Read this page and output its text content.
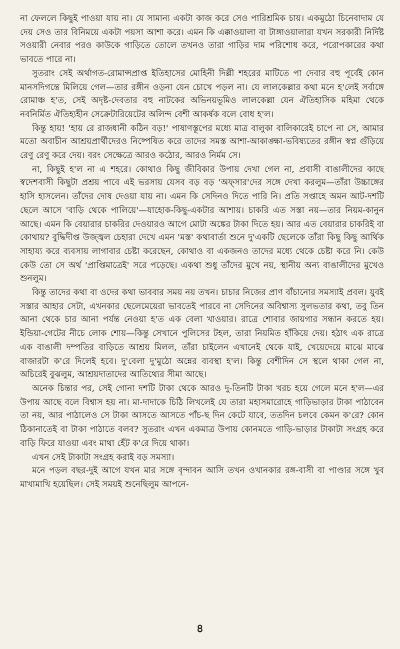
না ফেললে কিছুই পাওয়া যায় না। যে সামান্য একটা কাজ করে সেও পারিশ্রমিক চায়। একমুঠো চিনেবাদাম যে দেয় সেও তার বিনিময়ে একটা পয়সা আশা করে। এমন কি এক্কাওয়ালা বা টাঙ্গাওয়ালারা যখন সরকারী নির্দিষ্ট সওয়ারী নেবার পরও কাউকে গাড়িতে তোলে তখনও তারা গাড়ির দাম পরিশোধ করে, পরোপকারের কথা ভাবতে পারে না।

সুতরাং সেই অর্থাগত-রোমান্সপ্রাপ্ত ইতিহাসের মোহিনী দিল্লী শহরের মাটিতে পা দেবার বহু পূর্বেই কোন মানসদিগন্তে মিলিয়ে গেল—তার রঙ্গীন ওড়না যেন চোখে পড়ল না। যে লালকেল্লার কথা মনে হ'লেই সর্বাঙ্গে রোমাঞ্চ হ'ত, সেই অদৃষ্ট-দেবতার বহু নাটকের অভিনয়ভূমিও লালকেল্লা যেন ঐতিহাসিক মহিমা থেকে নবনির্মিত ঐতিহ্যহীন সেক্রেটারিয়েটের অলিন্দ বেশী আকর্ষক বলে বোধ হ'ল।

কিন্তু হায়! 'হায় রে রাজধানী কঠিন বড়!' পাষাণস্তূপের মধ্যে মাত্র বালুকা বালিকারেই চাপে না সে, আমার মতো অবাচীন আশ্রয়প্রার্থীদেরও নিষ্পেষিত করে তাদের সমস্ত আশা-আকাঙ্ক্ষা-ভবিষ্যতের রঙ্গীন স্বপ্ন গুঁড়িয়ে রেণু রেণু করে দেয়। বরং সেক্ষেত্রে আরও কঠোর, আরও নির্মম সে।

না, কিছুই হ'ল না এ শহরে। কোথাও কিছু জীবিকার উপায় দেখা গেল না, প্রবাসী বাঙালীদের কাছে স্বদেশবাসী কিছুটা প্রশ্রয় পাবে এই ভরসায় যেসব বড় বড় 'অফ্‌সার'দের সঙ্গে দেখা করলুম—তাঁরা উচ্চাঙ্গের হাসি হাসলেন। তাঁদের দোষ দেওয়া যায় না। এমন কি সেদিনও দিতে পারি নি। প্রতি সপ্তাহে অমন আট-দশটি ছেলে আসে 'বাড়ি থেকে পালিয়ে'—যাহোক-কিছু-একটার আশায়। চাকরি এত সস্তা নয়—তার নিয়ম-কানুন আছে। এমন কি বেয়ারার চাকরির দেওয়ারও আগে মোটা অঙ্কের টাকা দিতে হয়। আর এত বেয়ারার চাকরিই বা কোথায়? বুদ্ধিদীপ্ত উজ্জ্বল চেহারা দেখে এমন 'মস্ত' কথাবার্তা শুনে দু'একটি ছেলেকে তাঁরা কিছু কিছু আর্থিক সাহায্য করে ব্যবসায় লাগাবার চেষ্টা করেছেন, কোথাও বা একজনও তাদের মধ্যে থেকে চেষ্টা করে নি। কেউ কেউ তো সে অর্থ 'প্রাপ্তিমাত্রেই' সরে পড়েছে। একথা শুধু তাঁদের মুখে নয়, স্থানীয় অন্য বাঙালীদের মুখেও শুনলুম।

কিন্তু তাদের কথা বা ওদের কথা ভাববার সময় নয় তখন। চাচার নিজের প্রাণ বাঁচানোর সমস্যাই প্রবল। যুবই সস্তার আহার সেটা, এখনকার ছেলেমেয়েরা ভাবতেই পারবে না সেদিনের অবিশ্বাস্য সুলভতার কথা, তবু তিন আনা থেকে চার আনা পর্যন্ত নেওয়া হ'ত এক বেলা খাওয়ার। রাত্রে শোবার জায়গার সন্ধান করতে হয়। ইন্ডিয়া-গেটের নীচে লোক শোয়—কিন্তু সেখানে পুলিসের টহল, তারা নিয়মিত হাঁকিয়ে দেয়। হঠাৎ এক রাত্রে এক বাঙালী দম্পতির বাড়িতে আশ্রয় মিলল, তাঁরা চাইলেন এখানেই থেকে যাই, খেয়েদেয়ে মাঝে মাঝে বাজারটা ক'রে দিলেই হবে। দু'বেলা দু'মুঠো অন্নের ব্যবস্থা হ'ল। কিন্তু বেশীদিন সে স্থলে থাকা গেল না, অচিরেই বুঝলুম, আশ্রয়দাতাদের আতিথ্যের সীমা আছে।

অনেক চিন্তার পর, সেই গোনা দশটি টাকা থেকে আরও দু-তিনটি টাকা খরচ হয়ে গেলে মনে হ'ল—এর উপায় আছে বলে বিশ্বাস হয় না। মা-দাদাকে চিঠি লিখলেই যে তারা মহাসমারোহে গাড়িভাড়ার টাকা পাঠাবেন তা নয়, আর পাঠালেও সে টাকা আসতে আসতে পাঁচ-ছ দিন কেটে যাবে, ততদিন চলবে কেমন ক'রে? কোন ঠিকানাতেই বা টাকা পাঠাতে বলব? সুতরাং এখন একমাত্র উপায় কোনমতে গাড়ি-ভাড়ার টাকাটা সংগ্রহ করে বাড়ি ফিরে যাওয়া এবং মাথা হেঁট ক'রে দিয়ে থাকা।

এখন সেই টাকাটা সংগ্রহ করাই বড় সমস্যা।

মনে পড়ল বছর-দুই আগে যখন মার সঙ্গে বৃন্দাবন আসি তখন ওখানকার রঙ্গ-বাসী বা পাণ্ডার সঙ্গে খুব মাখামাখি হয়েছিল। সেই সময়ই শুনেছিলুম আপনে-

৪
